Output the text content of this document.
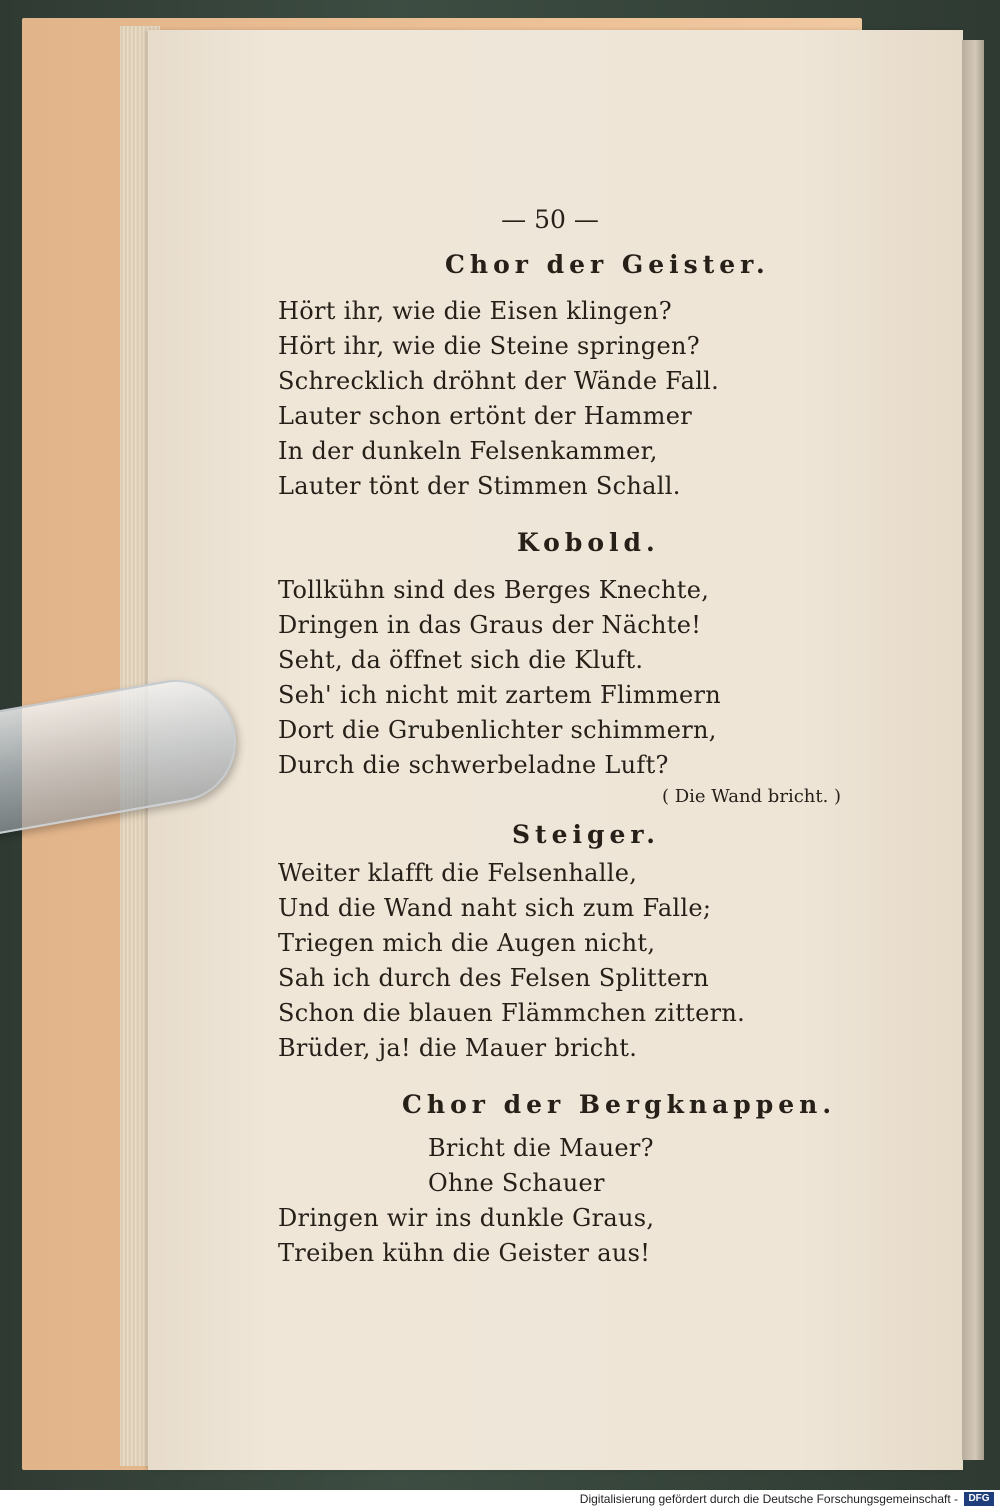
— 50 —
Chor der Geister.
Hört ihr, wie die Eisen klingen?
Hört ihr, wie die Steine springen?
Schrecklich dröhnt der Wände Fall.
Lauter schon ertönt der Hammer
In der dunkeln Felsenkammer,
Lauter tönt der Stimmen Schall.
Kobold.
Tollkühn sind des Berges Knechte,
Dringen in das Graus der Nächte!
Seht, da öffnet sich die Kluft.
Seh' ich nicht mit zartem Flimmern
Dort die Grubenlichter schimmern,
Durch die schwerbeladne Luft?
( Die Wand bricht. )
Steiger.
Weiter klafft die Felsenhalle,
Und die Wand naht sich zum Falle;
Triegen mich die Augen nicht,
Sah ich durch des Felsen Splittern
Schon die blauen Flämmchen zittern.
Brüder, ja! die Mauer bricht.
Chor der Bergknappen.
Bricht die Mauer?
Ohne Schauer
Dringen wir ins dunkle Graus,
Treiben kühn die Geister aus!
Digitalisierung gefördert durch die Deutsche Forschungsgemeinschaft -	DFG
